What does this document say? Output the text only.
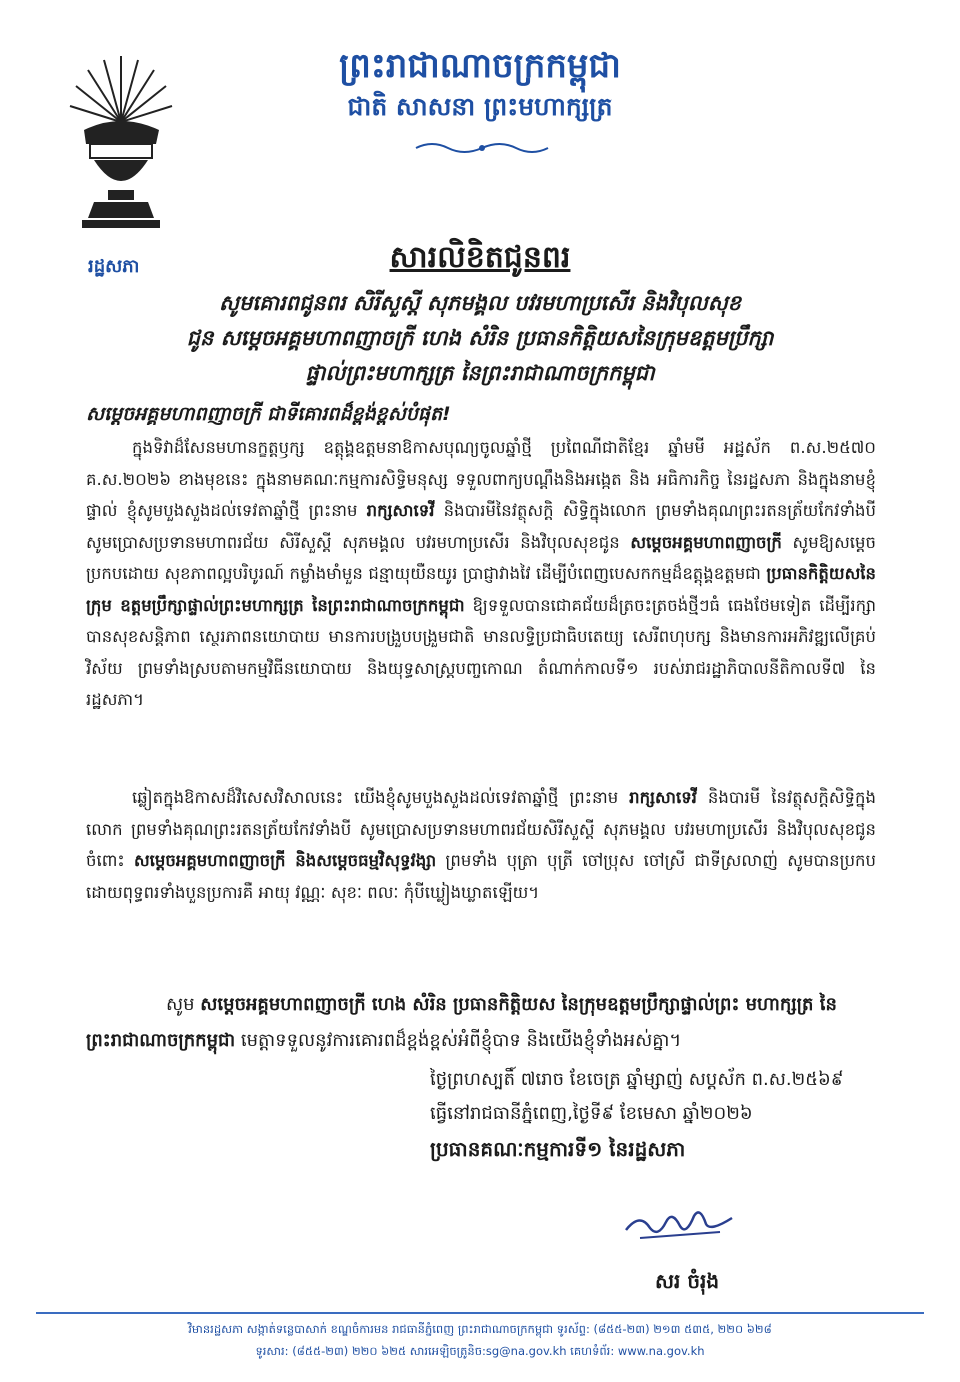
រដ្ឋសភា
ព្រះរាជាណាចក្រកម្ពុជា
ជាតិ សាសនា ព្រះមហាក្សត្រ
សារលិខិតជូនពរ
សូមគោរពជូនពរ សិរីសួស្តី សុភមង្គល បវរមហាប្រសើរ និងវិបុលសុខ
ជូន សម្តេចអគ្គមហាពញាចក្រី ហេង សំរិន ប្រធានកិត្តិយសនៃក្រុមឧត្តមប្រឹក្សា
ផ្ទាល់ព្រះមហាក្សត្រ នៃព្រះរាជាណាចក្រកម្ពុជា
សម្តេចអគ្គមហាពញាចក្រី ជាទីគោរពដ៏ខ្ពង់ខ្ពស់បំផុត!
ក្នុងទិវាដ៏សែនមហានក្ខត្តឫក្ស ឧត្តុង្គឧត្តមនាឱកាសបុណ្យចូលឆ្នាំថ្មី ប្រពៃណីជាតិខ្មែរ ឆ្នាំមមី អដ្ឋស័ក ព.ស.២៥៧០ គ.ស.២០២៦ ខាងមុខនេះ ក្នុងនាមគណៈកម្មការសិទ្ធិមនុស្ស ទទួលពាក្យបណ្តឹងនិងអង្កេត និង អធិការកិច្ច នៃរដ្ឋសភា និងក្នុងនាមខ្ញុំផ្ទាល់ ខ្ញុំសូមបួងសួងដល់ទេវតាឆ្នាំថ្មី ព្រះនាម រាក្សសាទេវី និងបារមីនៃវត្ថុសក្តិ សិទ្ធិក្នុងលោក ព្រមទាំងគុណព្រះរតនត្រ័យកែវទាំងបី សូមប្រោសប្រទានមហាពរជ័យ សិរីសួស្តី សុភមង្គល បវរមហាប្រសើរ និងវិបុលសុខជូន សម្តេចអគ្គមហាពញាចក្រី សូមឱ្យសម្តេចប្រកបដោយ សុខភាពល្អបរិបូរណ៍ កម្លាំងមាំមួន ជន្មាយុយឺនយូរ ប្រាជ្ញាវាងវៃ ដើម្បីបំពេញបេសកកម្មដ៏ឧត្តុង្គឧត្តមជា ប្រធានកិត្តិយសនៃក្រុម ឧត្តមប្រឹក្សាផ្ទាល់ព្រះមហាក្សត្រ នៃព្រះរាជាណាចក្រកម្ពុជា ឱ្យទទួលបានជោគជ័យដ៏ត្រចះត្រចង់ថ្មីៗធំ ធេងថែមទៀត ដើម្បីរក្សាបានសុខសន្តិភាព ស្ថេរភាពនយោបាយ មានការបង្រួបបង្រួមជាតិ មានលទ្ធិប្រជាធិបតេយ្យ សេរីពហុបក្ស និងមានការអភិវឌ្ឍលើគ្រប់វិស័យ ព្រមទាំងស្របតាមកម្មវិធីនយោបាយ និងយុទ្ធសាស្ត្របញ្ចកោណ តំណាក់កាលទី១ របស់រាជរដ្ឋាភិបាលនីតិកាលទី៧ នៃរដ្ឋសភា។
ឆ្លៀតក្នុងឱកាសដ៏វិសេសវិសាលនេះ យើងខ្ញុំសូមបួងសួងដល់ទេវតាឆ្នាំថ្មី ព្រះនាម រាក្សសាទេវី និងបារមី នៃវត្ថុសក្តិសិទ្ធិក្នុងលោក ព្រមទាំងគុណព្រះរតនត្រ័យកែវទាំងបី សូមប្រោសប្រទានមហាពរជ័យសិរីសួស្តី សុភមង្គល បវរមហាប្រសើរ និងវិបុលសុខជូនចំពោះ សម្តេចអគ្គមហាពញាចក្រី និងសម្តេចធម្មវិសុទ្ធវង្សា ព្រមទាំង បុត្រា បុត្រី ចៅប្រុស ចៅស្រី ជាទីស្រលាញ់ សូមបានប្រកបដោយពុទ្ធពរទាំងបួនប្រការគឺ អាយុ វណ្ណៈ សុខៈ ពលៈ កុំបីឃ្លៀងឃ្លាតឡើយ។
សូម សម្តេចអគ្គមហាពញាចក្រី ហេង សំរិន ប្រធានកិត្តិយស នៃក្រុមឧត្តមប្រឹក្សាផ្ទាល់ព្រះ មហាក្សត្រ នៃព្រះរាជាណាចក្រកម្ពុជា មេត្តាទទួលនូវការគោរពដ៏ខ្ពង់ខ្ពស់អំពីខ្ញុំបាទ និងយើងខ្ញុំទាំងអស់គ្នា។
ថ្ងៃព្រហស្បតិ៍ ៧រោច ខែចេត្រ ឆ្នាំម្សាញ់ សប្តស័ក ព.ស.២៥៦៩
ធ្វើនៅរាជធានីភ្នំពេញ,ថ្ងៃទី៩ ខែមេសា ឆ្នាំ២០២៦
ប្រធានគណៈកម្មការទី១ នៃរដ្ឋសភា
សរ ចំរុង
វិមានរដ្ឋសភា សង្កាត់ទន្លេបាសាក់ ខណ្ឌចំការមន រាជធានីភ្នំពេញ ព្រះរាជាណាចក្រកម្ពុជា ទូរស័ព្ទ: (៨៥៥-២៣) ២១៣ ៥៣៥, ២២០ ៦២៨
ទូរសារ: (៨៥៥-២៣) ២២០ ៦២៥ សារអេឡិចត្រូនិច:sg@na.gov.kh គេហទំព័រ: www.na.gov.kh
